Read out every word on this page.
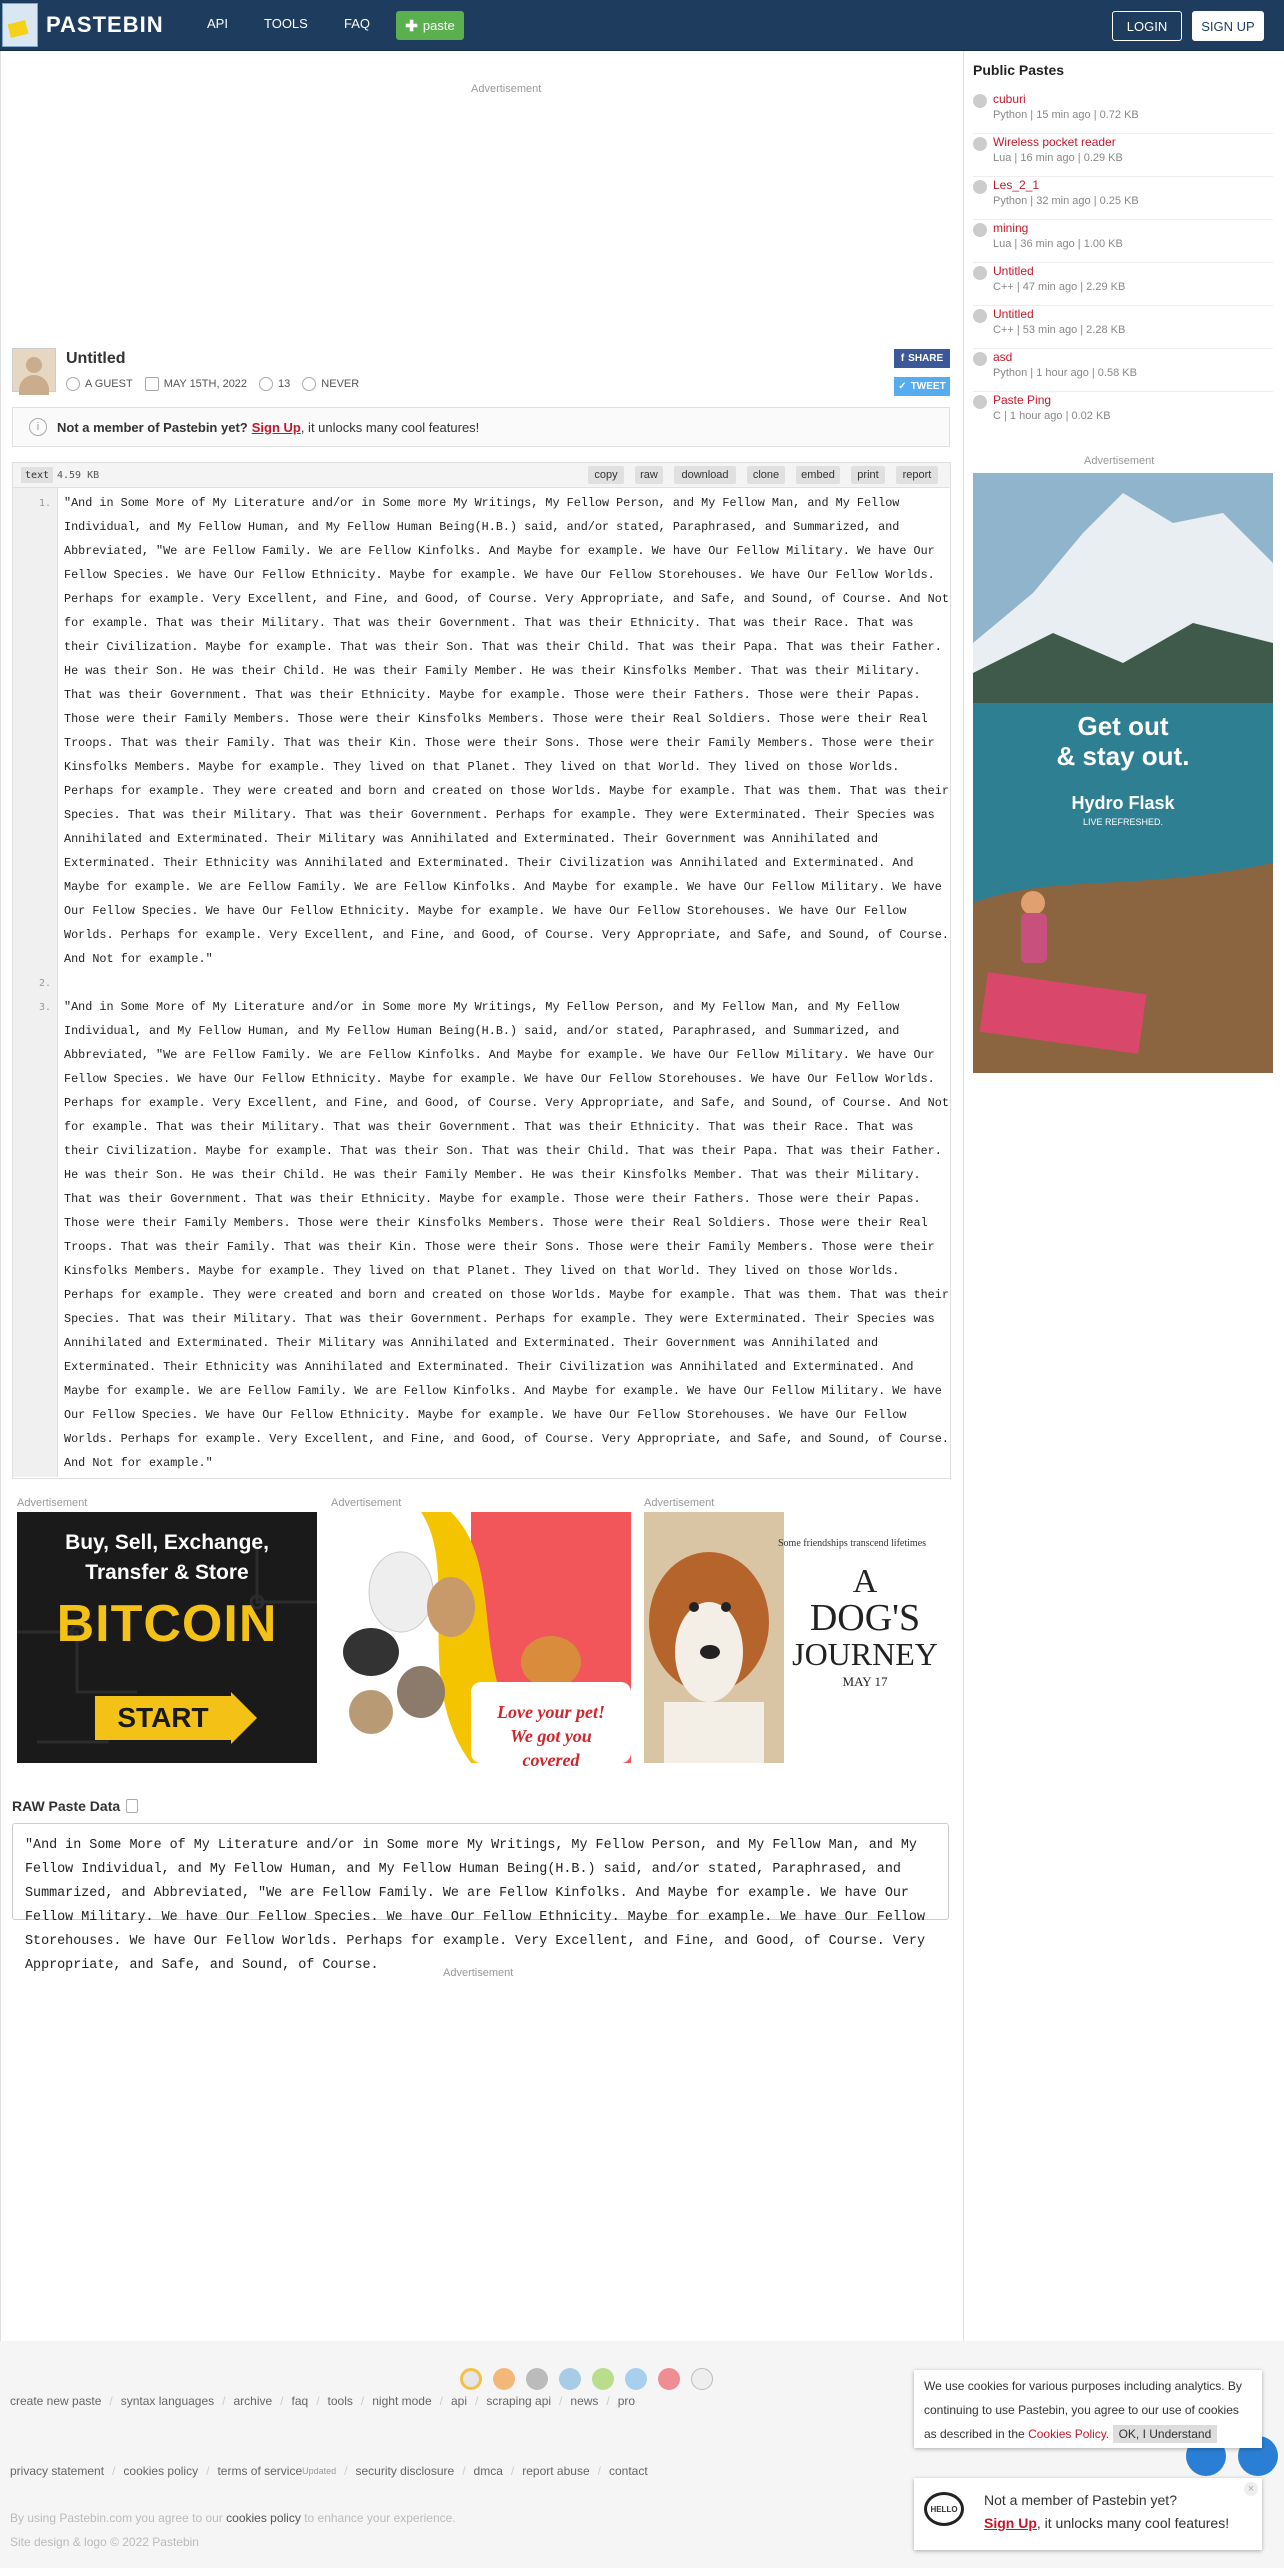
PASTEBIN	API	TOOLS	FAQ ✚ paste	LOGIN	SIGN UP
Advertisement
Untitled
A GUEST	MAY 15TH, 2022	13	NEVER
f SHARE
✓ TWEET
i	Not a member of Pastebin yet? Sign Up , it unlocks many cool features!
text 4.59 KB	copy	raw	download	clone	embed	print	report
1.
2.
3.
"And in Some More of My Literature and/or in Some more My Writings, My Fellow Person, and My Fellow Man, and My Fellow Individual, and My Fellow Human, and My Fellow Human Being(H.B.) said, and/or stated, Paraphrased, and Summarized, and Abbreviated, "We are Fellow Family. We are Fellow Kinfolks. And Maybe for example. We have Our Fellow Military. We have Our Fellow Species. We have Our Fellow Ethnicity. Maybe for example. We have Our Fellow Storehouses. We have Our Fellow Worlds. Perhaps for example. Very Excellent, and Fine, and Good, of Course. Very Appropriate, and Safe, and Sound, of Course. And Not for example. That was their Military. That was their Government. That was their Ethnicity. That was their Race. That was their Civilization. Maybe for example. That was their Son. That was their Child. That was their Papa. That was their Father. He was their Son. He was their Child. He was their Family Member. He was their Kinsfolks Member. That was their Military. That was their Government. That was their Ethnicity. Maybe for example. Those were their Fathers. Those were their Papas. Those were their Family Members. Those were their Kinsfolks Members. Those were their Real Soldiers. Those were their Real Troops. That was their Family. That was their Kin. Those were their Sons. Those were their Family Members. Those were their Kinsfolks Members. Maybe for example. They lived on that Planet. They lived on that World. They lived on those Worlds. Perhaps for example. They were created and born and created on those Worlds. Maybe for example. That was them. That was their Species. That was their Military. That was their Government. Perhaps for example. They were Exterminated. Their Species was Annihilated and Exterminated. Their Military was Annihilated and Exterminated. Their Government was Annihilated and Exterminated. Their Ethnicity was Annihilated and Exterminated. Their Civilization was Annihilated and Exterminated. And Maybe for example. We are Fellow Family. We are Fellow Kinfolks. And Maybe for example. We have Our Fellow Military. We have Our Fellow Species. We have Our Fellow Ethnicity. Maybe for example. We have Our Fellow Storehouses. We have Our Fellow Worlds. Perhaps for example. Very Excellent, and Fine, and Good, of Course. Very Appropriate, and Safe, and Sound, of Course. And Not for example."
"And in Some More of My Literature and/or in Some more My Writings, My Fellow Person, and My Fellow Man, and My Fellow Individual, and My Fellow Human, and My Fellow Human Being(H.B.) said, and/or stated, Paraphrased, and Summarized, and Abbreviated, "We are Fellow Family. We are Fellow Kinfolks. And Maybe for example. We have Our Fellow Military. We have Our Fellow Species. We have Our Fellow Ethnicity. Maybe for example. We have Our Fellow Storehouses. We have Our Fellow Worlds. Perhaps for example. Very Excellent, and Fine, and Good, of Course. Very Appropriate, and Safe, and Sound, of Course. And Not for example. That was their Military. That was their Government. That was their Ethnicity. That was their Race. That was their Civilization. Maybe for example. That was their Son. That was their Child. That was their Papa. That was their Father. He was their Son. He was their Child. He was their Family Member. He was their Kinsfolks Member. That was their Military. That was their Government. That was their Ethnicity. Maybe for example. Those were their Fathers. Those were their Papas. Those were their Family Members. Those were their Kinsfolks Members. Those were their Real Soldiers. Those were their Real Troops. That was their Family. That was their Kin. Those were their Sons. Those were their Family Members. Those were their Kinsfolks Members. Maybe for example. They lived on that Planet. They lived on that World. They lived on those Worlds. Perhaps for example. They were created and born and created on those Worlds. Maybe for example. That was them. That was their Species. That was their Military. That was their Government. Perhaps for example. They were Exterminated. Their Species was Annihilated and Exterminated. Their Military was Annihilated and Exterminated. Their Government was Annihilated and Exterminated. Their Ethnicity was Annihilated and Exterminated. Their Civilization was Annihilated and Exterminated. And Maybe for example. We are Fellow Family. We are Fellow Kinfolks. And Maybe for example. We have Our Fellow Military. We have Our Fellow Species. We have Our Fellow Ethnicity. Maybe for example. We have Our Fellow Storehouses. We have Our Fellow Worlds. Perhaps for example. Very Excellent, and Fine, and Good, of Course. Very Appropriate, and Safe, and Sound, of Course. And Not for example."
Advertisement
Buy, Sell, Exchange,
Transfer & Store
BITCOIN
START
Advertisement
Love your pet!
We got you covered
Advertisement
Some friendships transcend lifetimes
A
DOG'S
JOURNEY
MAY 17
RAW Paste Data
"And in Some More of My Literature and/or in Some more My Writings, My Fellow Person, and My Fellow Man, and My Fellow Individual, and My Fellow Human, and My Fellow Human Being(H.B.) said, and/or stated, Paraphrased, and Summarized, and Abbreviated, "We are Fellow Family. We are Fellow Kinfolks. And Maybe for example. We have Our Fellow Military. We have Our Fellow Species. We have Our Fellow Ethnicity. Maybe for example. We have Our Fellow Storehouses. We have Our Fellow Worlds. Perhaps for example. Very Excellent, and Fine, and Good, of Course. Very Appropriate, and Safe, and Sound, of Course.	Advertisement
Public Pastes
cuburi
Python | 15 min ago | 0.72 KB
Wireless pocket reader
Lua | 16 min ago | 0.29 KB
Les_2_1
Python | 32 min ago | 0.25 KB
mining
Lua | 36 min ago | 1.00 KB
Untitled
C++ | 47 min ago | 2.29 KB
Untitled
C++ | 53 min ago | 2.28 KB
asd
Python | 1 hour ago | 0.58 KB
Paste Ping
C | 1 hour ago | 0.02 KB
Advertisement
Get out
& stay out.
Hydro Flask
LIVE REFRESHED.
create new paste / syntax languages / archive / faq / tools / night mode / api / scraping api / news / pro
privacy statement / cookies policy / terms of service Updated / security disclosure / dmca / report abuse / contact
By using Pastebin.com you agree to our cookies policy to enhance your experience.
Site design & logo © 2022 Pastebin
We use cookies for various purposes including analytics. By
continuing to use Pastebin, you agree to our use of cookies
as described in the Cookies Policy. OK, I Understand
HELLO
Not a member of Pastebin yet?
Sign Up, it unlocks many cool features!
×
